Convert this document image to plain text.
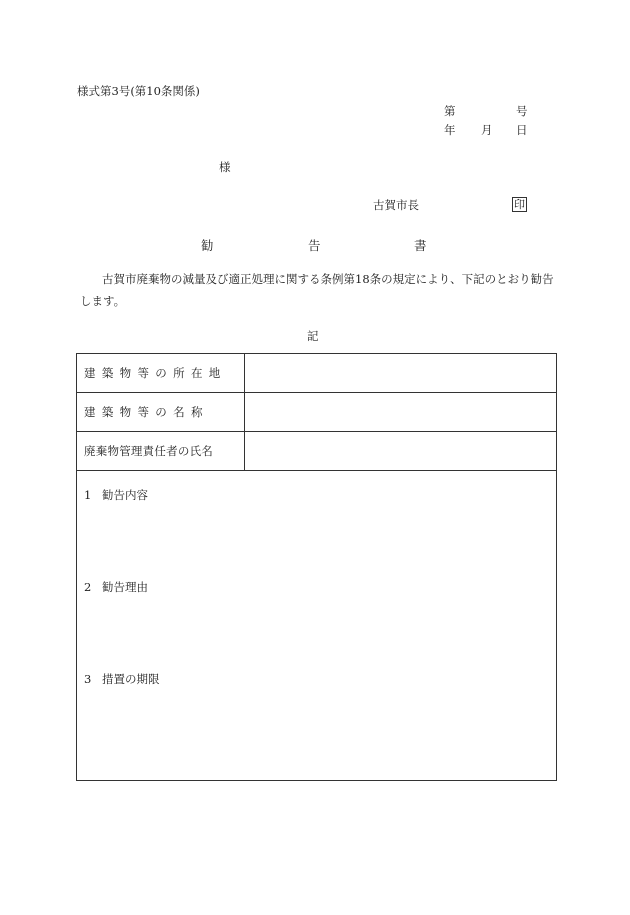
様式第3号(第10条関係)
第	号
年 月 日
様
古賀市長	印
勧	告	書
古賀市廃棄物の減量及び適正処理に関する条例第18条の規定により、下記のとおり勧告します。
記
建築物等の所在地	
建築物等の名称	
廃棄物管理責任者の氏名	

1 勧告内容
2 勧告理由
3 措置の期限	
